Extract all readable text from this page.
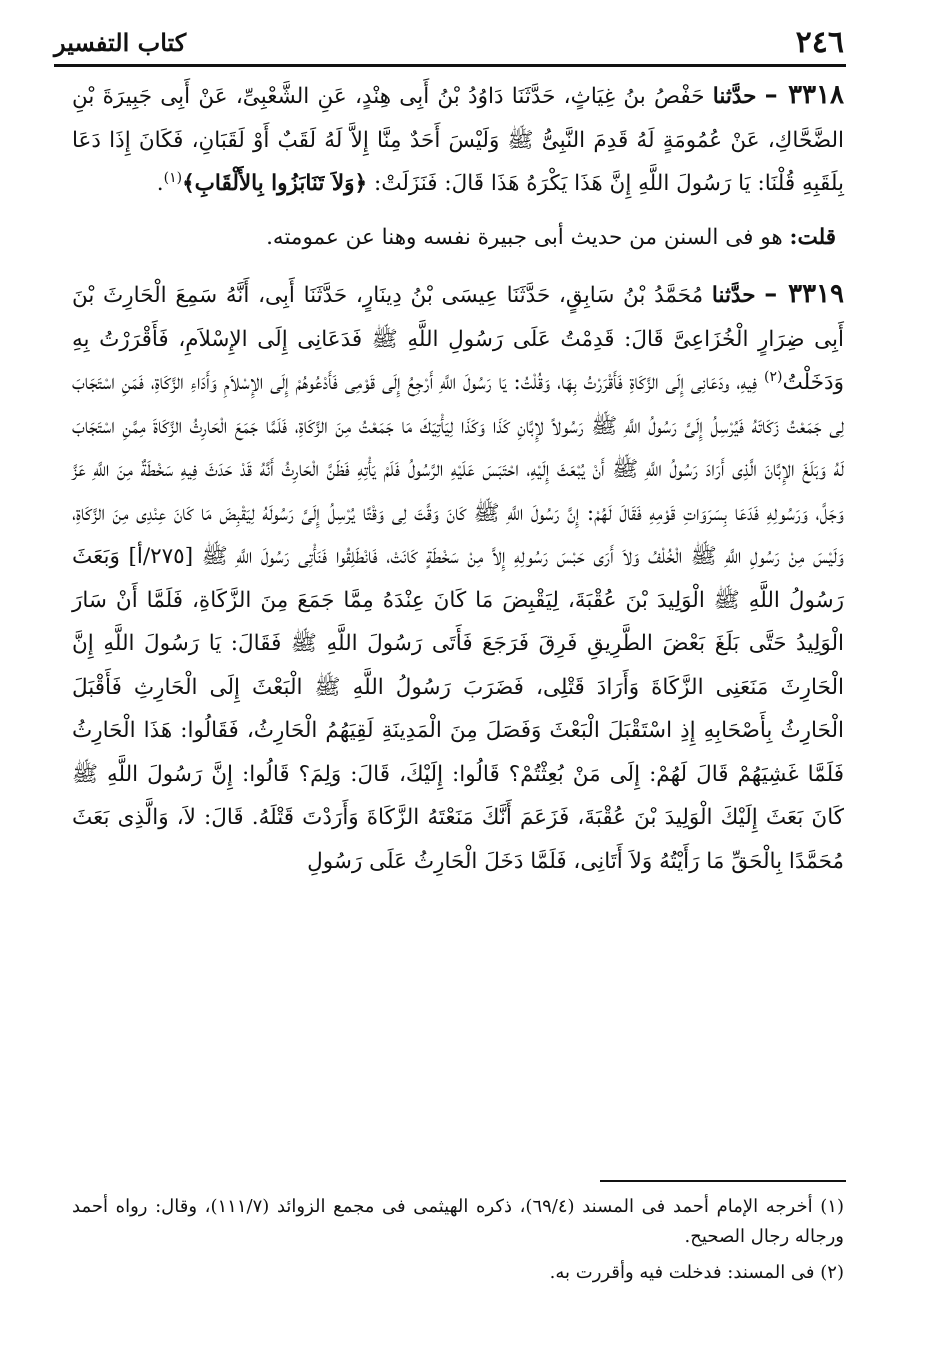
٢٤٦
كتاب التفسير

٣٣١٨ – حدَّثنا حَفْصُ بنُ غِيَاثٍ، حَدَّثَنَا دَاوُدُ بْنُ أَبِى هِنْدٍ، عَنِ الشَّعْبِىِّ، عَنْ أَبِى جَبِيرَةَ بْنِ الضَّحَّاكِ، عَنْ عُمُومَةٍ لَهُ قَدِمَ النَّبِىُّ ﷺ وَلَيْسَ أَحَدٌ مِنَّا إِلاَّ لَهُ لَقَبٌ أَوْ لَقَبَانِ، فَكَانَ إِذَا دَعَا بِلَقَبِهِ قُلْنَا: يَا رَسُولَ اللَّهِ إِنَّ هَذَا يَكْرَهُ هَذَا قَالَ: فَنَزَلَتْ: ﴿وَلاَ تَنَابَزُوا بِالأَلْقَابِ﴾$^{(١)}$.

قلت: هو فى السنن من حديث أبى جبيرة نفسه وهنا عن عمومته.

٣٣١٩ – حدَّثنا مُحَمَّدُ بْنُ سَابِقٍ، حَدَّثَنَا عِيسَى بْنُ دِينَارٍ، حَدَّثَنَا أَبِى، أَنَّهُ سَمِعَ الْحَارِثَ بْنَ أَبِى ضِرَارٍ الْخُزَاعِىَّ قَالَ: قَدِمْتُ عَلَى رَسُولِ اللَّهِ ﷺ فَدَعَانِى إِلَى الإِسْلاَمِ، فَأَقْرَرْتُ بِهِ وَدَخَلْتُ$^{(٢)}$ فِيهِ، ودَعَانِى إِلَى الزَّكَاةِ فَأَقْرَرْتُ بِهَا، وَقُلْتُ: يَا رَسُولَ اللَّهِ أَرْجِعُ إِلَى قَوْمِى فَأَدْعُوهُمْ إِلَى الإِسْلاَمِ وَأَدَاءِ الزَّكَاةِ، فَمَنِ اسْتَجَابَ لِى جَمَعْتُ زَكَاتَهُ فَيُرْسِلُ إِلَىَّ رَسُولُ اللَّهِ ﷺ رَسُولاً لإِبَّانِ كَذَا وَكَذَا لِيَأْتِيَكَ مَا جَمَعْتُ مِنَ الزَّكَاةِ، فَلَمَّا جَمَعَ الْحَارِثُ الزَّكَاةَ مِمَّنِ اسْتَجَابَ لَهُ وَبَلَغَ الإِبَّانَ الَّذِى أَرَادَ رَسُولُ اللَّهِ ﷺ أَنْ يُبْعَثَ إِلَيْهِ، احْتَبَسَ عَلَيْهِ الرَّسُولُ فَلَمْ يَأْتِهِ فَظَنَّ الْحَارِثُ أَنَّهُ قَدْ حَدَثَ فِيهِ سَخْطَةٌ مِنَ اللَّهِ عَزَّ وَجَلَّ، وَرَسُولِهِ فَدَعَا بِسَرَوَاتِ قَوْمِهِ فَقَالَ لَهُمْ: إِنَّ رَسُولَ اللَّهِ ﷺ كَانَ وَقَّتَ لِى وَقْتًا يُرْسِلُ إِلَىَّ رَسُولَهُ لِيَقْبِضَ مَا كَانَ عِنْدِى مِنَ الزَّكَاةِ، وَلَيْسَ مِنْ رَسُولِ اللَّهِ ﷺ الْخُلْفُ وَلاَ أَرَى حَبْسَ رَسُولِهِ إِلاَّ مِنْ سَخْطَةٍ كَانَتْ، فَانْطَلِقُوا فَنَأْتِى رَسُولَ اللَّهِ ﷺ [٢٧٥/أ] وَبَعَثَ رَسُولُ اللَّهِ ﷺ الْوَلِيدَ بْنَ عُقْبَةَ، لِيَقْبِضَ مَا كَانَ عِنْدَهُ مِمَّا جَمَعَ مِنَ الزَّكَاةِ، فَلَمَّا أَنْ سَارَ الْوَلِيدُ حَتَّى بَلَغَ بَعْضَ الطَّرِيقِ فَرِقَ فَرَجَعَ فَأَتَى رَسُولَ اللَّهِ ﷺ فَقَالَ: يَا رَسُولَ اللَّهِ إِنَّ الْحَارِثَ مَنَعَنِى الزَّكَاةَ وَأَرَادَ قَتْلِى، فَضَرَبَ رَسُولُ اللَّهِ ﷺ الْبَعْثَ إِلَى الْحَارِثِ فَأَقْبَلَ الْحَارِثُ بِأَصْحَابِهِ إِذِ اسْتَقْبَلَ الْبَعْثَ وَفَصَلَ مِنَ الْمَدِينَةِ لَقِيَهُمُ الْحَارِثُ، فَقَالُوا: هَذَا الْحَارِثُ فَلَمَّا غَشِيَهُمْ قَالَ لَهُمْ: إِلَى مَنْ بُعِثْتُمْ؟ قَالُوا: إِلَيْكَ، قَالَ: وَلِمَ؟ قَالُوا: إِنَّ رَسُولَ اللَّهِ ﷺ كَانَ بَعَثَ إِلَيْكَ الْوَلِيدَ بْنَ عُقْبَةَ، فَزَعَمَ أَنَّكَ مَنَعْتَهُ الزَّكَاةَ وَأَرَدْتَ قَتْلَهُ. قَالَ: لاَ، وَالَّذِى بَعَثَ مُحَمَّدًا بِالْحَقِّ مَا رَأَيْتُهُ وَلاَ أَتَانِى، فَلَمَّا دَخَلَ الْحَارِثُ عَلَى رَسُولِ

(١) أخرجه الإمام أحمد فى المسند (٦٩/٤)، ذكره الهيثمى فى مجمع الزوائد (١١١/٧)، وقال: رواه أحمد ورجاله رجال الصحيح.

(٢) فى المسند: فدخلت فيه وأقررت به.
